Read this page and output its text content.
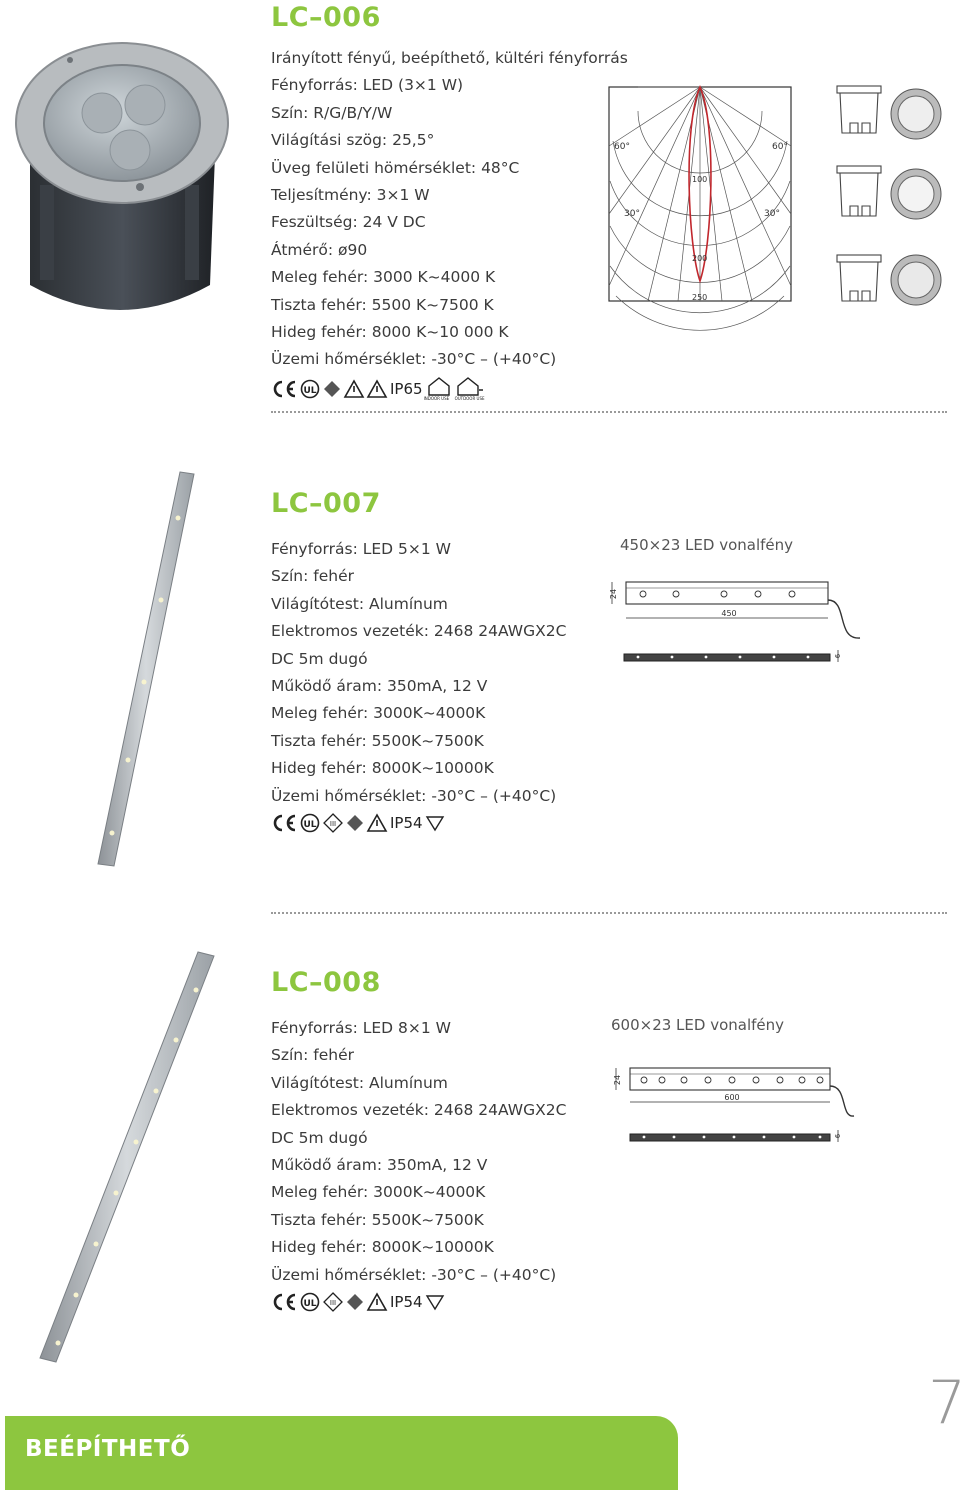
LC–006
Irányított fényű, beépíthető, kültéri fényforrás
Fényforrás: LED (3×1 W)
Szín: R/G/B/Y/W
Világítási szög: 25,5°
Üveg felületi hömérséklet: 48°C
Teljesítmény: 3×1 W
Feszültség: 24 V DC
Átmérő: ø90
Meleg fehér: 3000 K~4000 K
Tiszta fehér: 5500 K~7500 K
Hideg fehér: 8000 K~10 000 K
Üzemi hőmérséklet: -30°C – (+40°C)
UL	IP65
INDOOR USE OUTDOOR USE
60°	60°
30°	30°
100
200
250
LC–007
Fényforrás: LED 5×1 W
Szín: fehér
Világítótest: Alumínum
Elektromos vezeték: 2468 24AWGX2C
DC 5m dugó
Működő áram: 350mA, 12 V
Meleg fehér: 3000K~4000K
Tiszta fehér: 5500K~7500K
Hideg fehér: 8000K~10000K
Üzemi hőmérséklet: -30°C – (+40°C)
UL III	IP54
450×23 LED vonalfény
24
450
6
LC–008
Fényforrás: LED 8×1 W
Szín: fehér
Világítótest: Alumínum
Elektromos vezeték: 2468 24AWGX2C
DC 5m dugó
Működő áram: 350mA, 12 V
Meleg fehér: 3000K~4000K
Tiszta fehér: 5500K~7500K
Hideg fehér: 8000K~10000K
Üzemi hőmérséklet: -30°C – (+40°C)
UL III	IP54
600×23 LED vonalfény
24
600
6
7
BEÉPÍTHETŐ
